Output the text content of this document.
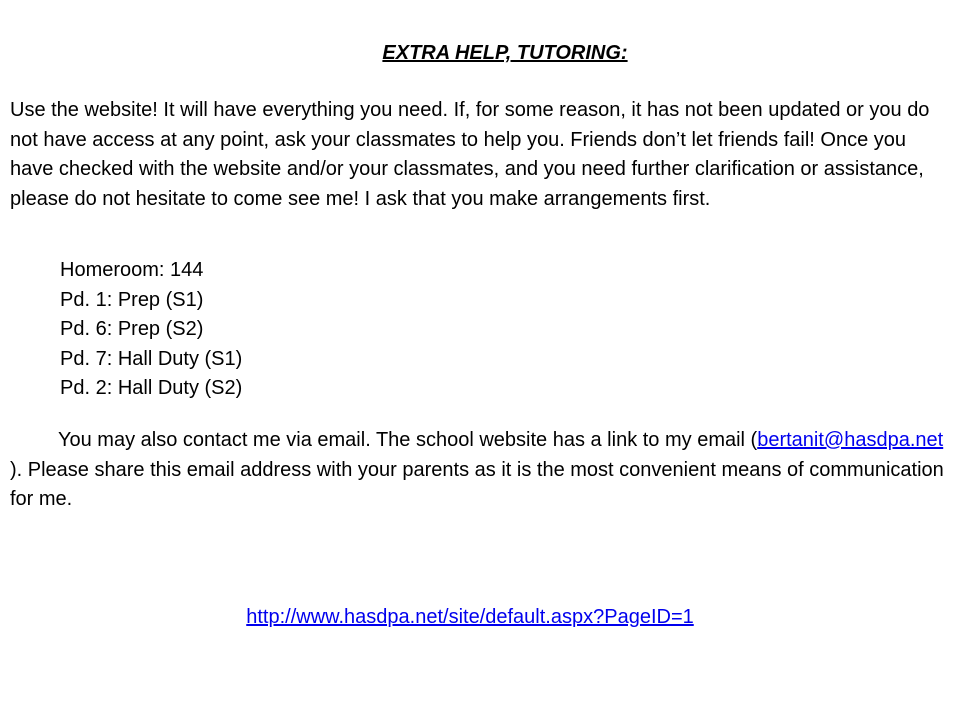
EXTRA HELP, TUTORING:

Use the website! It will have everything you need. If, for some reason, it has not been updated or you do not have access at any point, ask your classmates to help you. Friends don’t let friends fail! Once you have checked with the website and/or your classmates, and you need further clarification or assistance, please do not hesitate to come see me! I ask that you make arrangements first.

Homeroom: 144
Pd. 1: Prep (S1)
Pd. 6: Prep (S2)
Pd. 7: Hall Duty (S1)
Pd. 2: Hall Duty (S2)

You may also contact me via email. The school website has a link to my email (bertanit@hasdpa.net ). Please share this email address with your parents as it is the most convenient means of communication for me.

http://www.hasdpa.net/site/default.aspx?PageID=1
